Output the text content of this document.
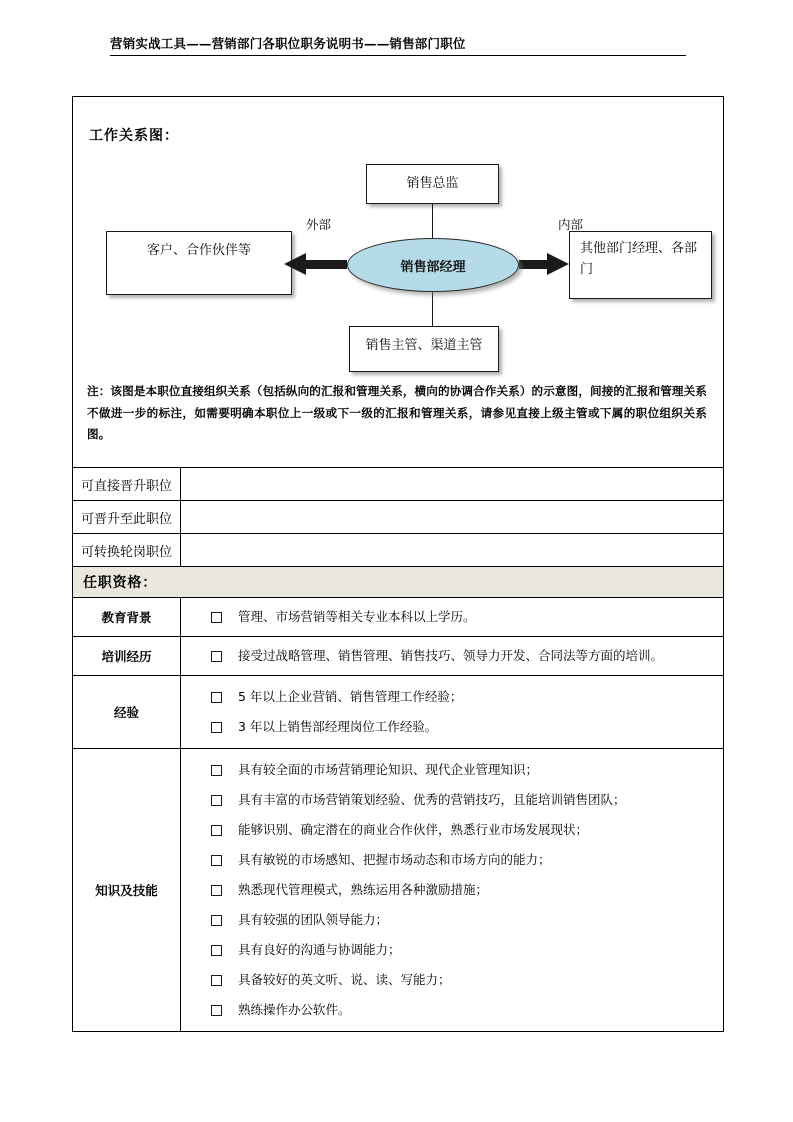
营销实战工具——营销部门各职位职务说明书——销售部门职位
工作关系图：
销售总监
客户、合作伙伴等	其他部门经理、各部门
销售主管、渠道主管
销售部经理
外部	内部
注：该图是本职位直接组织关系（包括纵向的汇报和管理关系，横向的协调合作关系）的示意图，间接的汇报和管理关系不做进一步的标注，如需要明确本职位上一级或下一级的汇报和管理关系，请参见直接上级主管或下属的职位组织关系图。

可直接晋升职位	
可晋升至此职位	
可转换轮岗职位	
任职资格：	
教育背景	管理、市场营销等相关专业本科以上学历。

培训经历	接受过战略管理、销售管理、销售技巧、领导力开发、合同法等方面的培训。

经验	
5 年以上企业营销、销售管理工作经验；
3 年以上销售部经理岗位工作经验。

知识及技能	
具有较全面的市场营销理论知识、现代企业管理知识；
具有丰富的市场营销策划经验、优秀的营销技巧，且能培训销售团队；
能够识别、确定潜在的商业合作伙伴，熟悉行业市场发展现状；
具有敏锐的市场感知、把握市场动态和市场方向的能力；
熟悉现代管理模式，熟练运用各种激励措施；
具有较强的团队领导能力；
具有良好的沟通与协调能力；
具备较好的英文听、说、读、写能力；
熟练操作办公软件。
